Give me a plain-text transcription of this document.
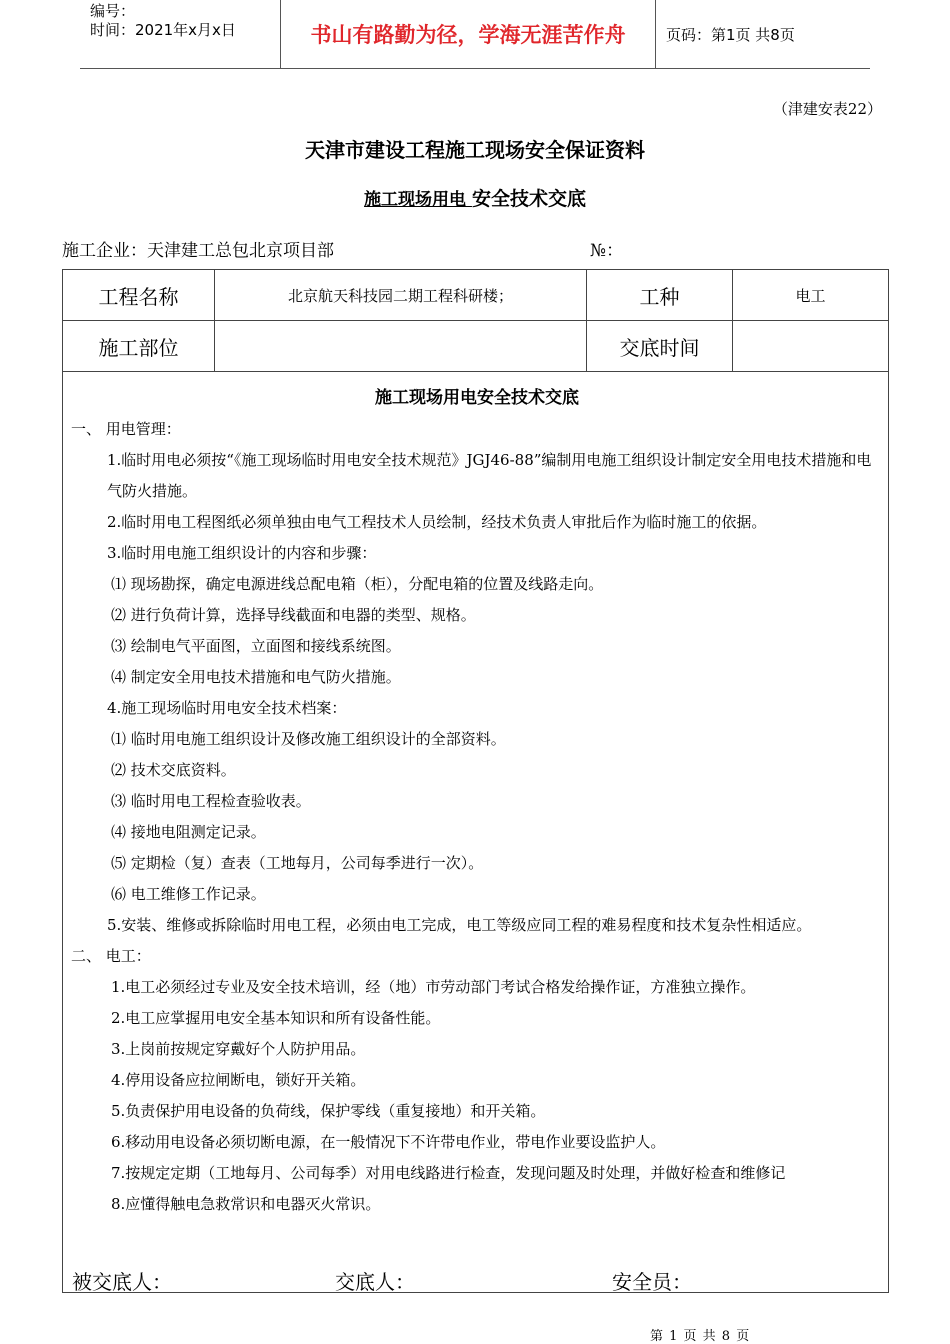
编号：
时间：2021年x月x日	书山有路勤为径，学海无涯苦作舟	页码：第1页 共8页
（津建安表22）
天津市建设工程施工现场安全保证资料
施工现场用电 安全技术交底
施工企业：天津建工总包北京项目部	№：
工程名称	北京航天科技园二期工程科研楼；	工种	电工
施工部位		交底时间	

施工现场用电安全技术交底

一、 用电管理：

1.临时用电必须按“《施工现场临时用电安全技术规范》JGJ46-88”编制用电施工组织设计制定安全用电技术措施和电气防火措施。

2.临时用电工程图纸必须单独由电气工程技术人员绘制，经技术负责人审批后作为临时施工的依据。

3.临时用电施工组织设计的内容和步骤：

⑴ 现场勘探，确定电源进线总配电箱（柜），分配电箱的位置及线路走向。

⑵ 进行负荷计算，选择导线截面和电器的类型、规格。

⑶ 绘制电气平面图，立面图和接线系统图。

⑷ 制定安全用电技术措施和电气防火措施。

4.施工现场临时用电安全技术档案：

⑴ 临时用电施工组织设计及修改施工组织设计的全部资料。

⑵ 技术交底资料。

⑶ 临时用电工程检查验收表。

⑷ 接地电阻测定记录。

⑸ 定期检（复）查表（工地每月，公司每季进行一次）。

⑹ 电工维修工作记录。

5.安装、维修或拆除临时用电工程，必须由电工完成，电工等级应同工程的难易程度和技术复杂性相适应。

二、 电工：

1.电工必须经过专业及安全技术培训，经（地）市劳动部门考试合格发给操作证，方准独立操作。

2.电工应掌握用电安全基本知识和所有设备性能。

3.上岗前按规定穿戴好个人防护用品。

4.停用设备应拉闸断电，锁好开关箱。

5.负责保护用电设备的负荷线，保护零线（重复接地）和开关箱。

6.移动用电设备必须切断电源，在一般情况下不许带电作业，带电作业要设监护人。

7.按规定定期（工地每月、公司每季）对用电线路进行检查，发现问题及时处理，并做好检查和维修记

8.应懂得触电急救常识和电器灭火常识。

被交底人：	交底人：	安全员：
第 1 页 共 8 页
